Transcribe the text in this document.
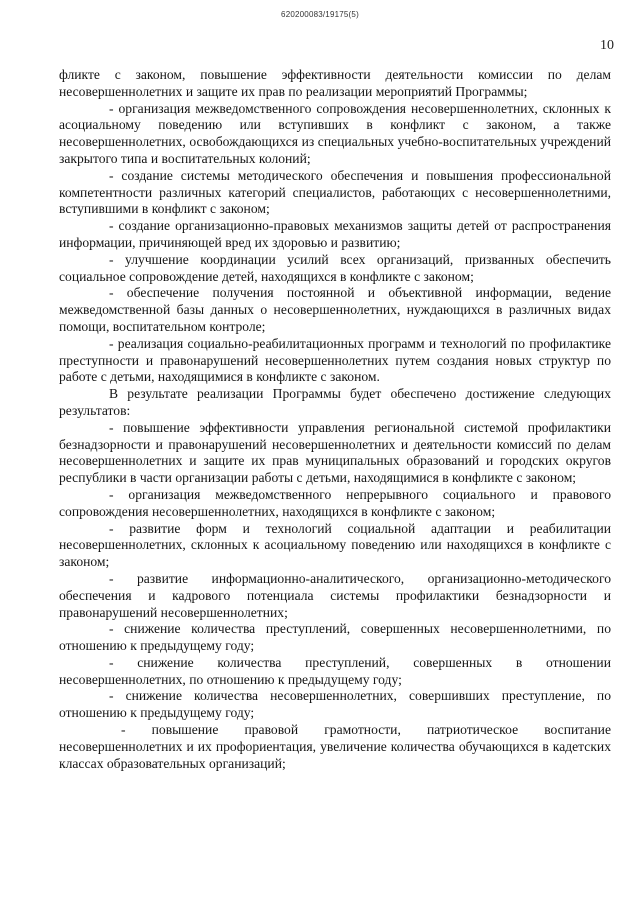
620200083/19175(5)
10

фликте с законом, повышение эффективности деятельности комиссии по делам несовершеннолетних и защите их прав по реализации мероприятий Программы;

- организация межведомственного сопровождения несовершеннолетних, склонных к асоциальному поведению или вступивших в конфликт с законом, а также несовершеннолетних, освобождающихся из специальных учебно-воспитательных учреждений закрытого типа и воспитательных колоний;

- создание системы методического обеспечения и повышения профессиональной компетентности различных категорий специалистов, работающих с несовершеннолетними, вступившими в конфликт с законом;

- создание организационно-правовых механизмов защиты детей от распространения информации, причиняющей вред их здоровью и развитию;

- улучшение координации усилий всех организаций, призванных обеспечить социальное сопровождение детей, находящихся в конфликте с законом;

- обеспечение получения постоянной и объективной информации, ведение межведомственной базы данных о несовершеннолетних, нуждающихся в различных видах помощи, воспитательном контроле;

- реализация социально-реабилитационных программ и технологий по профилактике преступности и правонарушений несовершеннолетних путем создания новых структур по работе с детьми, находящимися в конфликте с законом.

В результате реализации Программы будет обеспечено достижение следующих результатов:

- повышение эффективности управления региональной системой профилактики безнадзорности и правонарушений несовершеннолетних и деятельности комиссий по делам несовершеннолетних и защите их прав муниципальных образований и городских округов республики в части организации работы с детьми, находящимися в конфликте с законом;

- организация межведомственного непрерывного социального и правового сопровождения несовершеннолетних, находящихся в конфликте с законом;

- развитие форм и технологий социальной адаптации и реабилитации несовершеннолетних, склонных к асоциальному поведению или находящихся в конфликте с законом;

- развитие информационно-аналитического, организационно-методического обеспечения и кадрового потенциала системы профилактики безнадзорности и правонарушений несовершеннолетних;

- снижение количества преступлений, совершенных несовершеннолетними, по отношению к предыдущему году;

- снижение количества преступлений, совершенных в отношении несовершеннолетних, по отношению к предыдущему году;

- снижение количества несовершеннолетних, совершивших преступление, по отношению к предыдущему году;

- повышение правовой грамотности, патриотическое воспитание несовершеннолетних и их профориентация, увеличение количества обучающихся в кадетских классах образовательных организаций;
